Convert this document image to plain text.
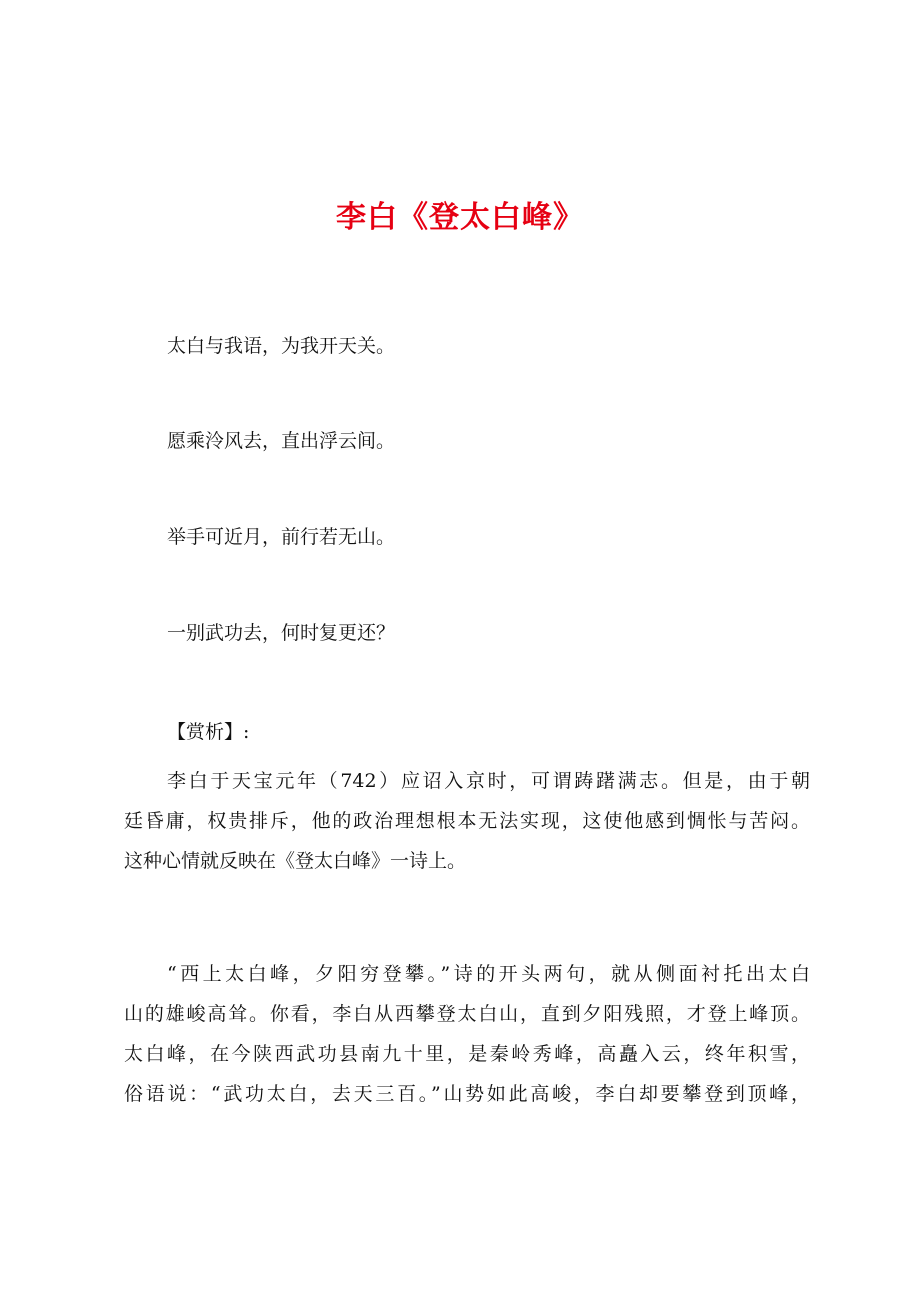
李白《登太白峰》

太白与我语，为我开天关。

愿乘泠风去，直出浮云间。

举手可近月，前行若无山。

一别武功去，何时复更还？

【赏析】:

李白于天宝元年（742）应诏入京时，可谓踌躇满志。但是，由于朝
廷昏庸，权贵排斥，他的政治理想根本无法实现，这使他感到惆怅与苦闷。
这种心情就反映在《登太白峰》一诗上。
“西上太白峰，夕阳穷登攀。”诗的开头两句，就从侧面衬托出太白
山的雄峻高耸。你看，李白从西攀登太白山，直到夕阳残照，才登上峰顶。
太白峰，在今陕西武功县南九十里，是秦岭秀峰，高矗入云，终年积雪，
俗语说：“武功太白，去天三百。”山势如此高峻，李白却要攀登到顶峰，
